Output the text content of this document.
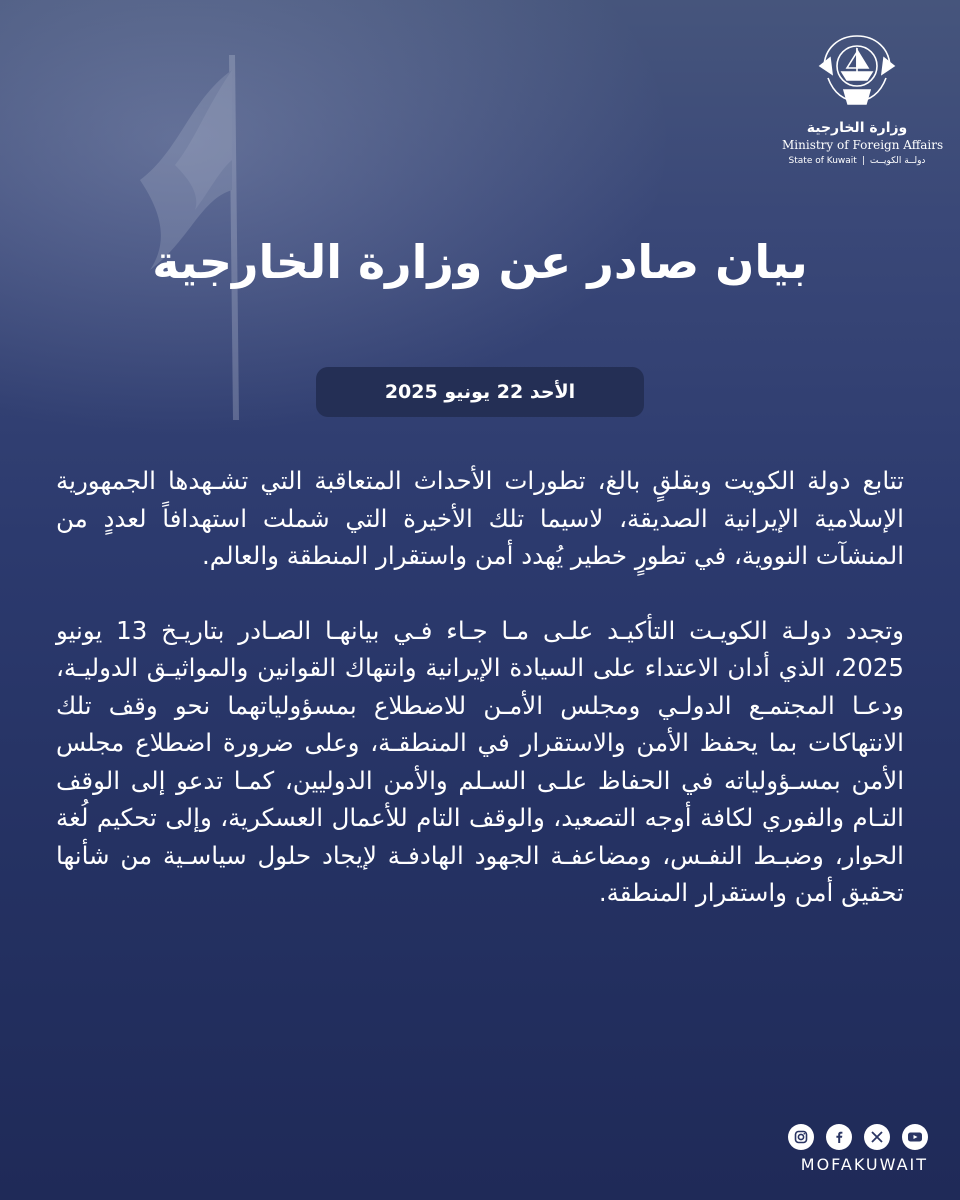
وزارة الخارجية
Ministry of Foreign Affairs
State of Kuwait | دولــة الكويــت
بيان صادر عن وزارة الخارجية
الأحد 22 يونيو 2025

تتابع دولة الكويت وبقلقٍ بالغ، تطورات الأحداث المتعاقبة التي تشـهدها الجمهورية الإسلامية الإيرانية الصديقة، لاسيما تلك الأخيرة التي شملت استهدافاً لعددٍ من المنشآت النووية، في تطورٍ خطير يُهدد أمن واستقرار المنطقة والعالم.

وتجدد دولـة الكويـت التأكيـد علـى مـا جـاء فـي بيانهـا الصـادر بتاريـخ 13 يونيو 2025، الذي أدان الاعتداء على السيادة الإيرانية وانتهاك القوانين والمواثيـق الدوليـة، ودعـا المجتمـع الدولـي ومجلس الأمـن للاضطلاع بمسؤولياتهما نحو وقف تلك الانتهاكات بما يحفظ الأمن والاستقرار في المنطقـة، وعلى ضرورة اضطلاع مجلس الأمن بمسـؤولياته في الحفاظ علـى السـلم والأمن الدوليين، كمـا تدعو إلى الوقف التـام والفوري لكافة أوجه التصعيد، والوقف التام للأعمال العسكرية، وإلى تحكيم لُغة الحوار، وضبـط النفـس، ومضاعفـة الجهود الهادفـة لإيجاد حلول سياسـية من شأنها تحقيق أمن واستقرار المنطقة.

MOFAKUWAIT
